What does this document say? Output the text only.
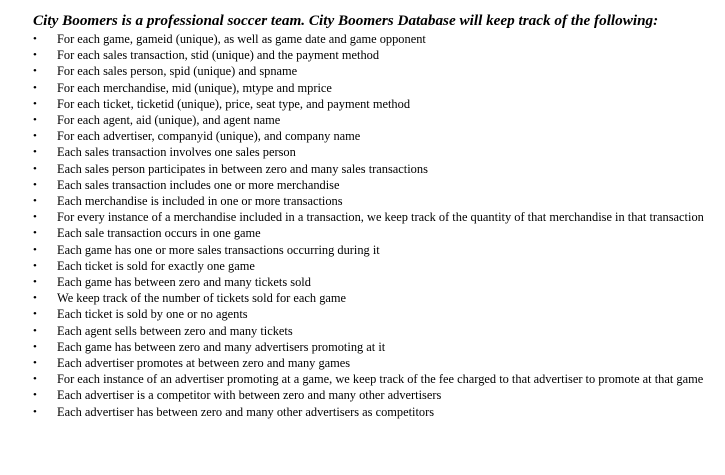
City Boomers is a professional soccer team. City Boomers Database will keep track of the following:
• For each game, gameid (unique), as well as game date and game opponent
• For each sales transaction, stid (unique) and the payment method
• For each sales person, spid (unique) and spname
• For each merchandise, mid (unique), mtype and mprice
• For each ticket, ticketid (unique), price, seat type, and payment method
• For each agent, aid (unique), and agent name
• For each advertiser, companyid (unique), and company name
• Each sales transaction involves one sales person
• Each sales person participates in between zero and many sales transactions
• Each sales transaction includes one or more merchandise
• Each merchandise is included in one or more transactions
• For every instance of a merchandise included in a transaction, we keep track of the quantity of that merchandise in that transaction
• Each sale transaction occurs in one game
• Each game has one or more sales transactions occurring during it
• Each ticket is sold for exactly one game
• Each game has between zero and many tickets sold
• We keep track of the number of tickets sold for each game
• Each ticket is sold by one or no agents
• Each agent sells between zero and many tickets
• Each game has between zero and many advertisers promoting at it
• Each advertiser promotes at between zero and many games
• For each instance of an advertiser promoting at a game, we keep track of the fee charged to that advertiser to promote at that game
• Each advertiser is a competitor with between zero and many other advertisers
• Each advertiser has between zero and many other advertisers as competitors
